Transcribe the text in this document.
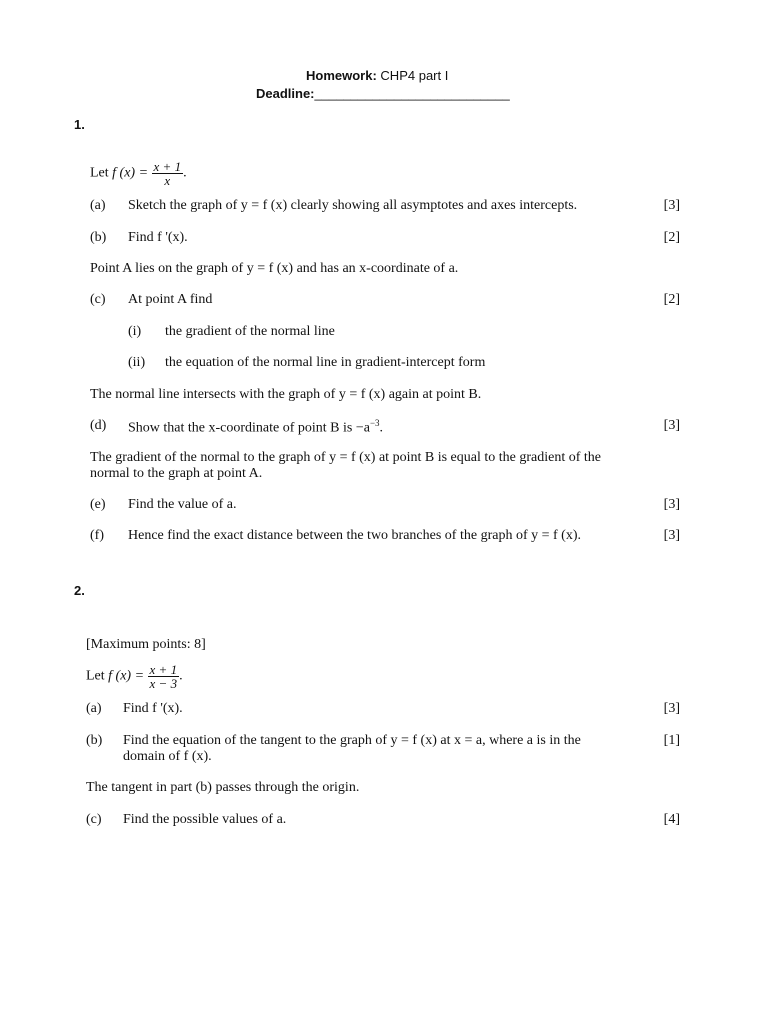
Homework: CHP4 part I
Deadline:___________________________
1.
Let f $(x) = \frac{x + 1}{x}$ .
(a) Sketch the graph of y = f (x) clearly showing all asymptotes and axes intercepts.	[3]
(b) Find f '(x).	[2]
Point A lies on the graph of y = f (x) and has an x-coordinate of a.
(c) At point A find	[2]
(i) the gradient of the normal line
(ii) the equation of the normal line in gradient-intercept form
The normal line intersects with the graph of y = f (x) again at point B.
(d) Show that the x-coordinate of point B is $-a^{-3}$.	[3]
The gradient of the normal to the graph of y = f (x) at point B is equal to the gradient of the
normal to the graph at point A.
(e) Find the value of a.	[3]
(f) Hence find the exact distance between the two branches of the graph of y = f (x).	[3]
2.
[Maximum points: 8]
Let f $(x) = \frac{x + 1}{x - 3}$ .
(a) Find f '(x).	[3]
(b) Find the equation of the tangent to the graph of y = f (x) at x = a, where a is in the
domain of f (x).
[1]
The tangent in part (b) passes through the origin.
(c) Find the possible values of a.	[4]
